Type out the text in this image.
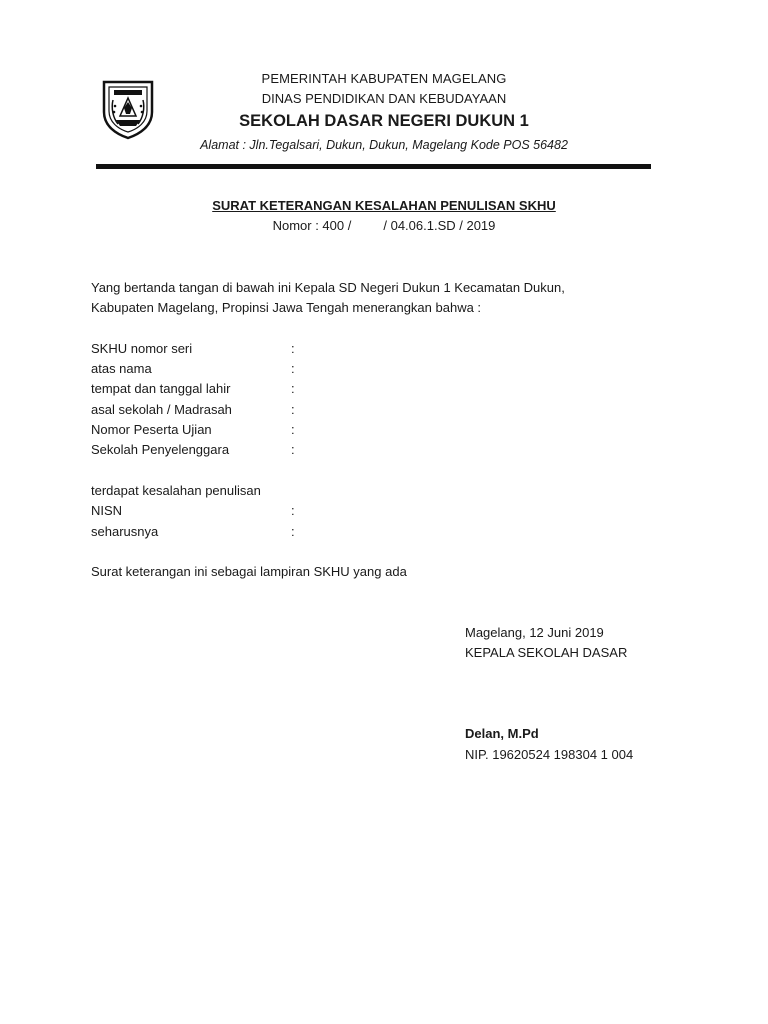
PEMERINTAH KABUPATEN MAGELANG
DINAS PENDIDIKAN DAN KEBUDAYAAN
SEKOLAH DASAR NEGERI DUKUN 1
Alamat : Jln.Tegalsari, Dukun, Dukun, Magelang Kode POS 56482
SURAT KETERANGAN KESALAHAN PENULISAN SKHU
Nomor : 400 / / 04.06.1.SD / 2019
Yang bertanda tangan di bawah ini Kepala SD Negeri Dukun 1 Kecamatan Dukun,
Kabupaten Magelang, Propinsi Jawa Tengah menerangkan bahwa :
SKHU nomor seri	:
atas nama	:
tempat dan tanggal lahir	:
asal sekolah / Madrasah	:
Nomor Peserta Ujian	:
Sekolah Penyelenggara	:
terdapat kesalahan penulisan
NISN	:
seharusnya	:
Surat keterangan ini sebagai lampiran SKHU yang ada
Magelang, 12 Juni 2019
KEPALA SEKOLAH DASAR
Delan, M.Pd
NIP. 19620524 198304 1 004
